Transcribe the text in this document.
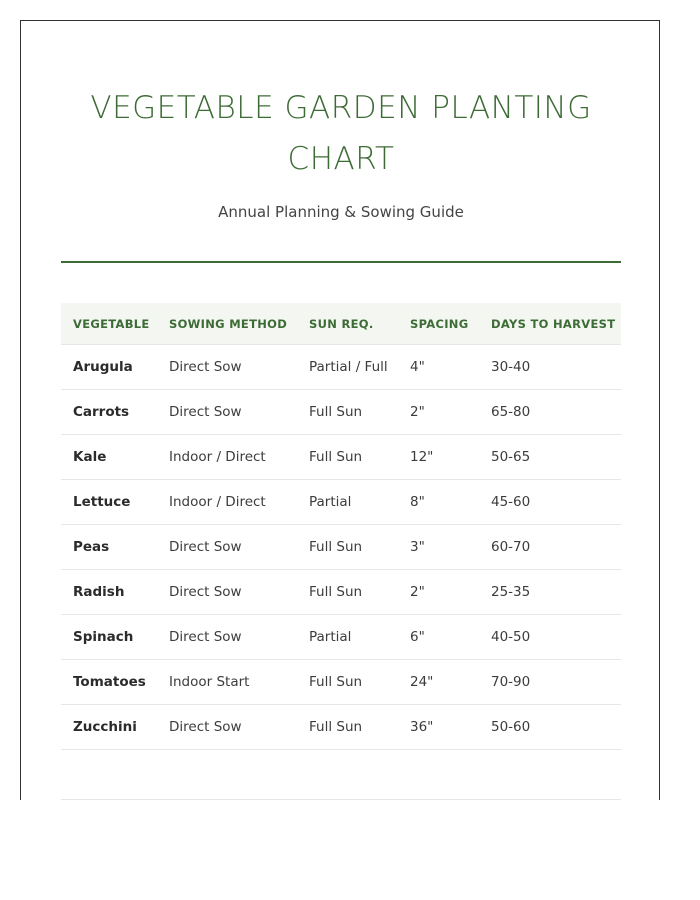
VEGETABLE GARDEN PLANTING CHART

Annual Planning & Sowing Guide

VEGETABLE	SOWING METHOD	SUN REQ.	SPACING	DAYS TO HARVEST
Arugula	Direct Sow	Partial / Full	4"	30-40
Carrots	Direct Sow	Full Sun	2"	65-80
Kale	Indoor / Direct	Full Sun	12"	50-65
Lettuce	Indoor / Direct	Partial	8"	45-60
Peas	Direct Sow	Full Sun	3"	60-70
Radish	Direct Sow	Full Sun	2"	25-35
Spinach	Direct Sow	Partial	6"	40-50
Tomatoes	Indoor Start	Full Sun	24"	70-90
Zucchini	Direct Sow	Full Sun	36"	50-60
